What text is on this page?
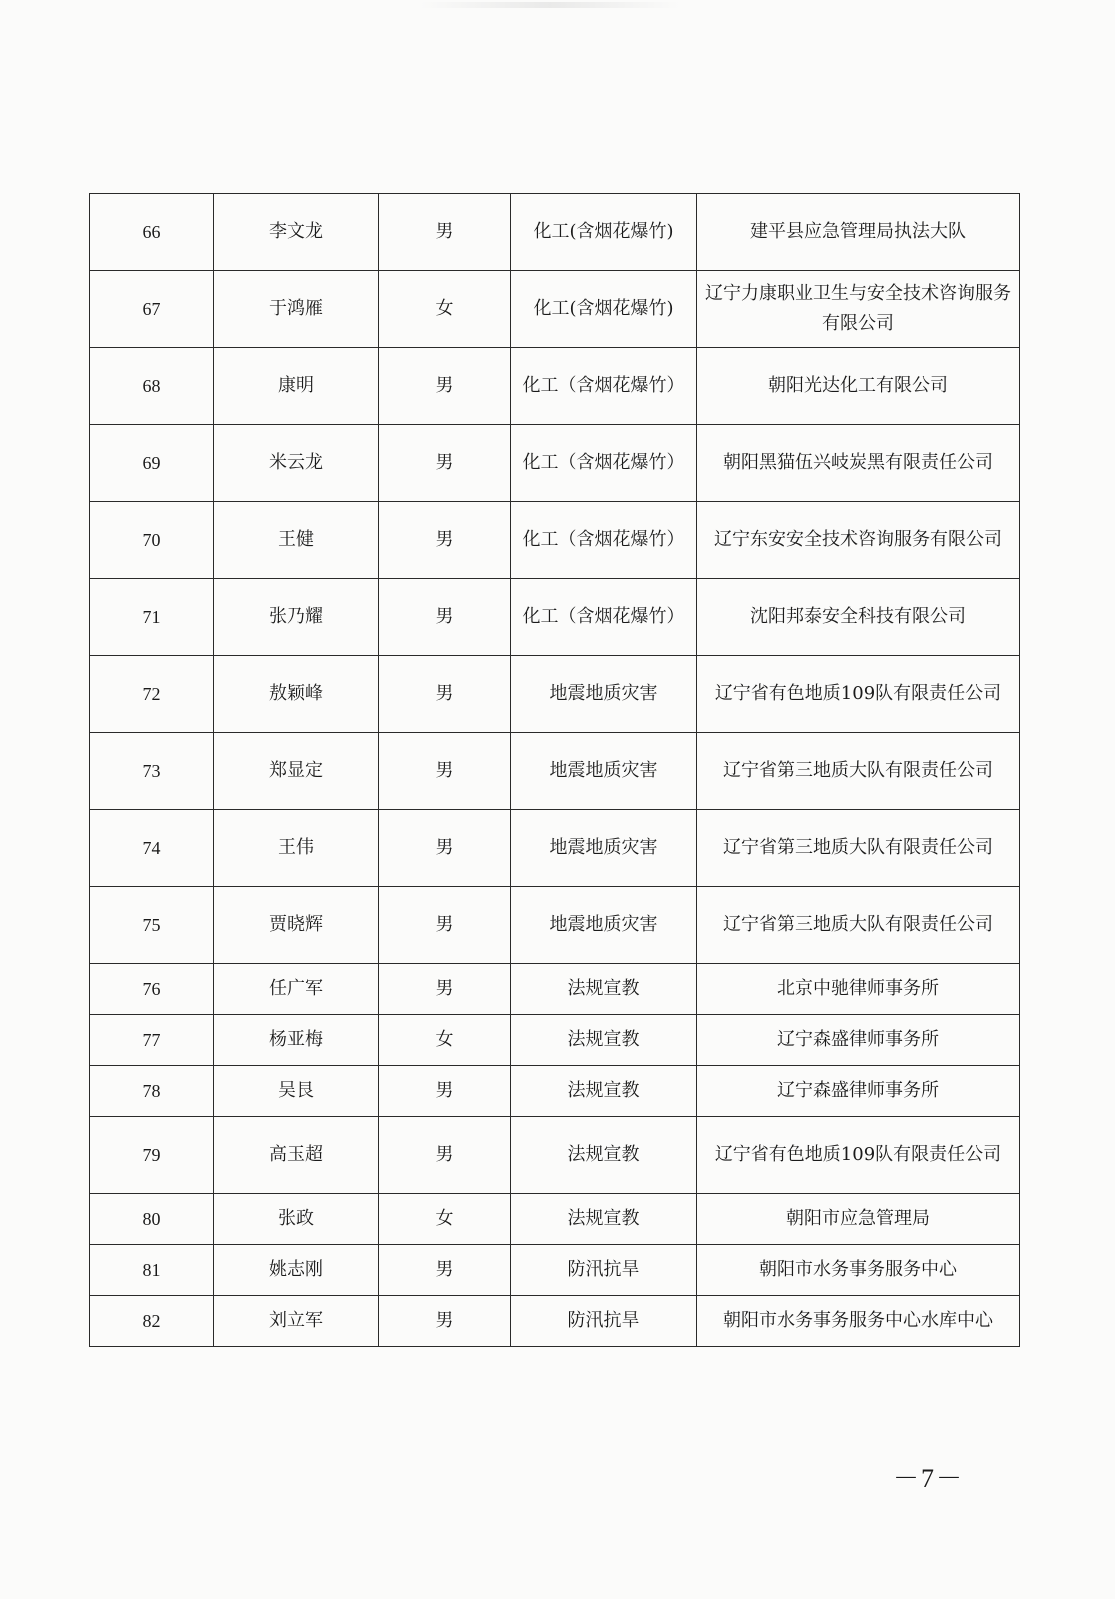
66	李文龙	男	化工(含烟花爆竹)	建平县应急管理局执法大队
67	于鸿雁	女	化工(含烟花爆竹)	辽宁力康职业卫生与安全技术咨询服务有限公司
68	康明	男	化工（含烟花爆竹）	朝阳光达化工有限公司
69	米云龙	男	化工（含烟花爆竹）	朝阳黑猫伍兴岐炭黑有限责任公司
70	王健	男	化工（含烟花爆竹）	辽宁东安安全技术咨询服务有限公司
71	张乃耀	男	化工（含烟花爆竹）	沈阳邦泰安全科技有限公司
72	敖颖峰	男	地震地质灾害	辽宁省有色地质109队有限责任公司
73	郑显定	男	地震地质灾害	辽宁省第三地质大队有限责任公司
74	王伟	男	地震地质灾害	辽宁省第三地质大队有限责任公司
75	贾晓辉	男	地震地质灾害	辽宁省第三地质大队有限责任公司
76	任广军	男	法规宣教	北京中驰律师事务所
77	杨亚梅	女	法规宣教	辽宁森盛律师事务所
78	吴艮	男	法规宣教	辽宁森盛律师事务所
79	高玉超	男	法规宣教	辽宁省有色地质109队有限责任公司
80	张政	女	法规宣教	朝阳市应急管理局
81	姚志刚	男	防汛抗旱	朝阳市水务事务服务中心
82	刘立军	男	防汛抗旱	朝阳市水务事务服务中心水库中心
－7－
